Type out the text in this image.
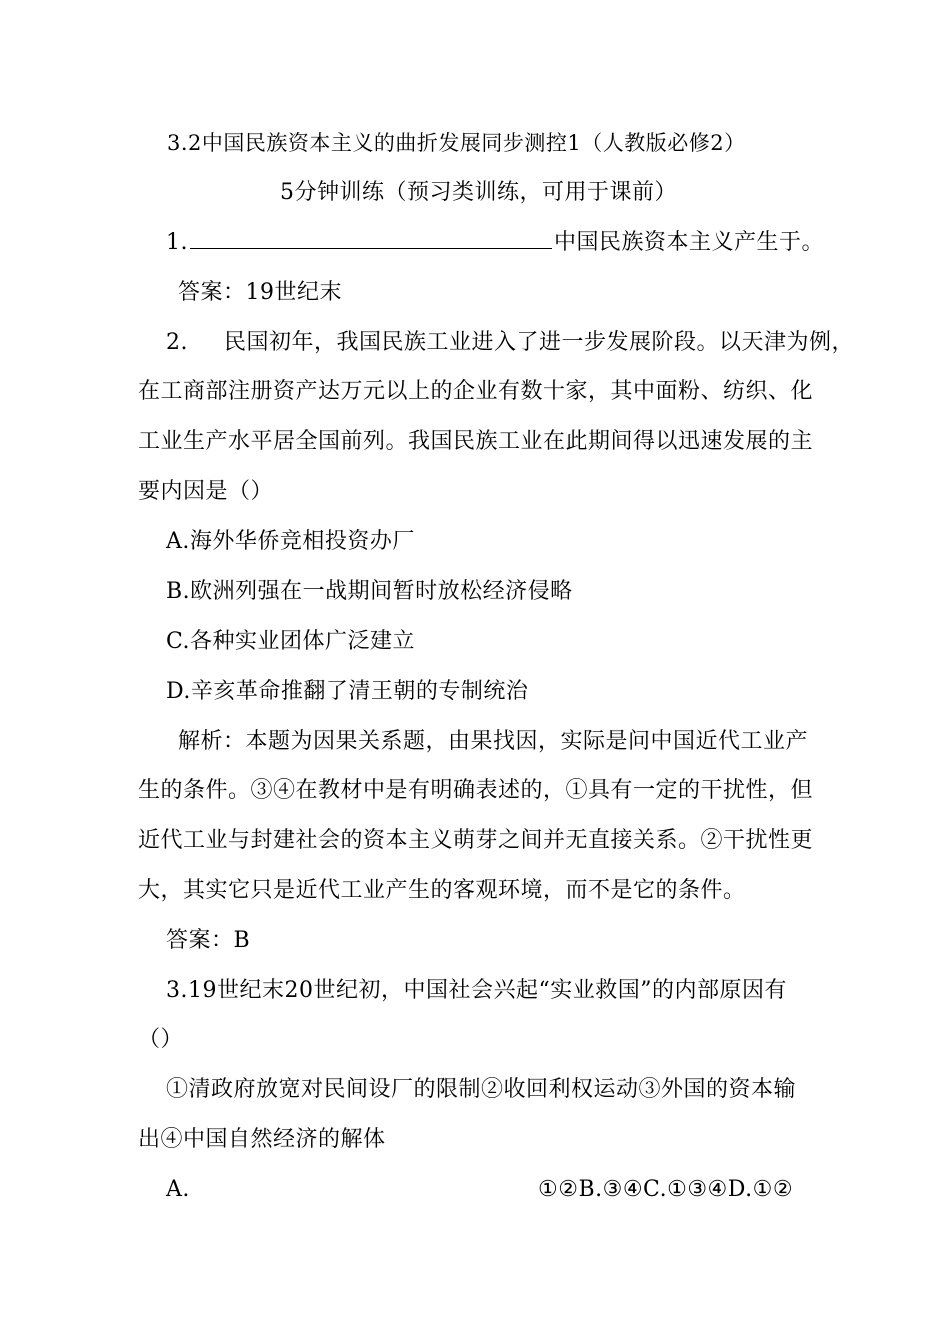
3.2中国民族资本主义的曲折发展同步测控1（人教版必修2）
5分钟训练（预习类训练，可用于课前）
1.	中国民族资本主义产生于。
答案：19世纪末
2. 民国初年，我国民族工业进入了进一步发展阶段。以天津为例，
在工商部注册资产达万元以上的企业有数十家，其中面粉、纺织、化
工业生产水平居全国前列。我国民族工业在此期间得以迅速发展的主
要内因是（）
A.海外华侨竞相投资办厂
B.欧洲列强在一战期间暂时放松经济侵略
C.各种实业团体广泛建立
D.辛亥革命推翻了清王朝的专制统治
解析：本题为因果关系题，由果找因，实际是问中国近代工业产
生的条件。③④在教材中是有明确表述的，①具有一定的干扰性，但
近代工业与封建社会的资本主义萌芽之间并无直接关系。②干扰性更
大，其实它只是近代工业产生的客观环境，而不是它的条件。
答案：B
3.19世纪末20世纪初，中国社会兴起“实业救国”的内部原因有
（）
①清政府放宽对民间设厂的限制②收回利权运动③外国的资本输
出④中国自然经济的解体
A.	①②B.③④C.①③④D.①②
